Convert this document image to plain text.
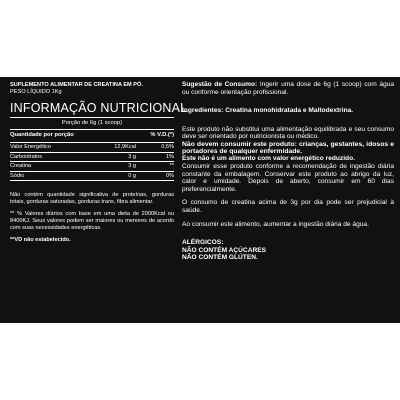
SUPLEMENTO ALIMENTAR DE CREATINA EM PÓ.
PESO LÍQUIDO 1Kg
INFORMAÇÃO NUTRICIONAL
Porção de 6g (1 scoop)
Quantidade por porção	% V.D.(*)
Valor Energético	12,9Kcal	0,5%
Carboidratos	3 g	1%
Creatina	3 g	**
Sódio	0 g	0%

Não contém quantidade significativa de proteínas, gorduras totais, gorduras saturadas, gorduras trans, fibra alimentar.

** % Valores diários com base em uma dieta de 2000Kcal ou 8400KJ. Seus valores podem ser maiores ou menores de acordo com suas necessidades energéticas.

**VD não estabelecido.

Sugestão de Consumo: Ingerir uma dose de 6g (1 scoop) com água ou conforme orientação profissional.

Ingredientes: Creatina monohidratada e Maltodextrina.

Este produto não substitui uma alimentação equilibrada e seu consumo deve ser orientado por nutricionista ou médico.

Não devem consumir este produto: crianças, gestantes, idosos e portadores de qualquer enfermidade.

Este não é um alimento com valor energético reduzido.

Consumir esse produto conforme a recomendação de ingestão diária constante da embalagem. Conservar este produto ao abrigo da luz, calor e umidade. Depois de aberto, consumir em 60 dias preferencialmente.

O consumo de creatina acima de 3g por dia pode ser prejudicial à saúde.

Ao consumir este alimento, aumentar a ingestão diária de água.

ALÉRGICOS:

NÃO CONTÉM AÇÚCARES

NÃO CONTÉM GLÚTEN.
